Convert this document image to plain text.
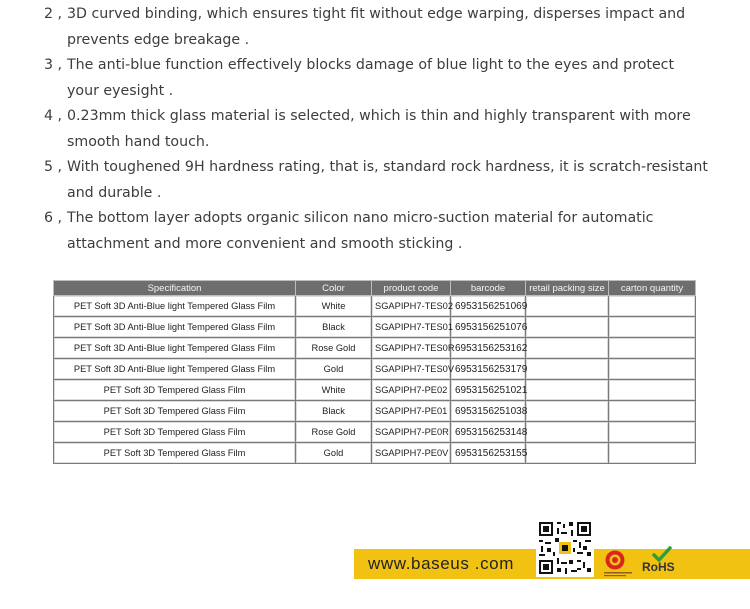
2 , 3D curved binding, which ensures tight fit without edge warping, disperses impact and
prevents edge breakage .
3 , The anti-blue function effectively blocks damage of blue light to the eyes and protect
your eyesight .
4 , 0.23mm thick glass material is selected, which is thin and highly transparent with more
smooth hand touch.
5 , With toughened 9H hardness rating, that is, standard rock hardness, it is scratch-resistant
and durable .
6 , The bottom layer adopts organic silicon nano micro-suction material for automatic
attachment and more convenient and smooth sticking .
Specification	Color	product code	barcode	retail packing size	carton quantity
PET Soft 3D Anti-Blue light Tempered Glass Film	White	SGAPIPH7-TES02	6953156251069		
PET Soft 3D Anti-Blue light Tempered Glass Film	Black	SGAPIPH7-TES01	6953156251076		
PET Soft 3D Anti-Blue light Tempered Glass Film	Rose Gold	SGAPIPH7-TES0R	6953156253162		
PET Soft 3D Anti-Blue light Tempered Glass Film	Gold	SGAPIPH7-TES0V	6953156253179		
PET Soft 3D Tempered Glass Film	White	SGAPIPH7-PE02	6953156251021		
PET Soft 3D Tempered Glass Film	Black	SGAPIPH7-PE01	6953156251038		
PET Soft 3D Tempered Glass Film	Rose Gold	SGAPIPH7-PE0R	6953156253148		
PET Soft 3D Tempered Glass Film	Gold	SGAPIPH7-PE0V	6953156253155		
www.baseus .com	RoHS
